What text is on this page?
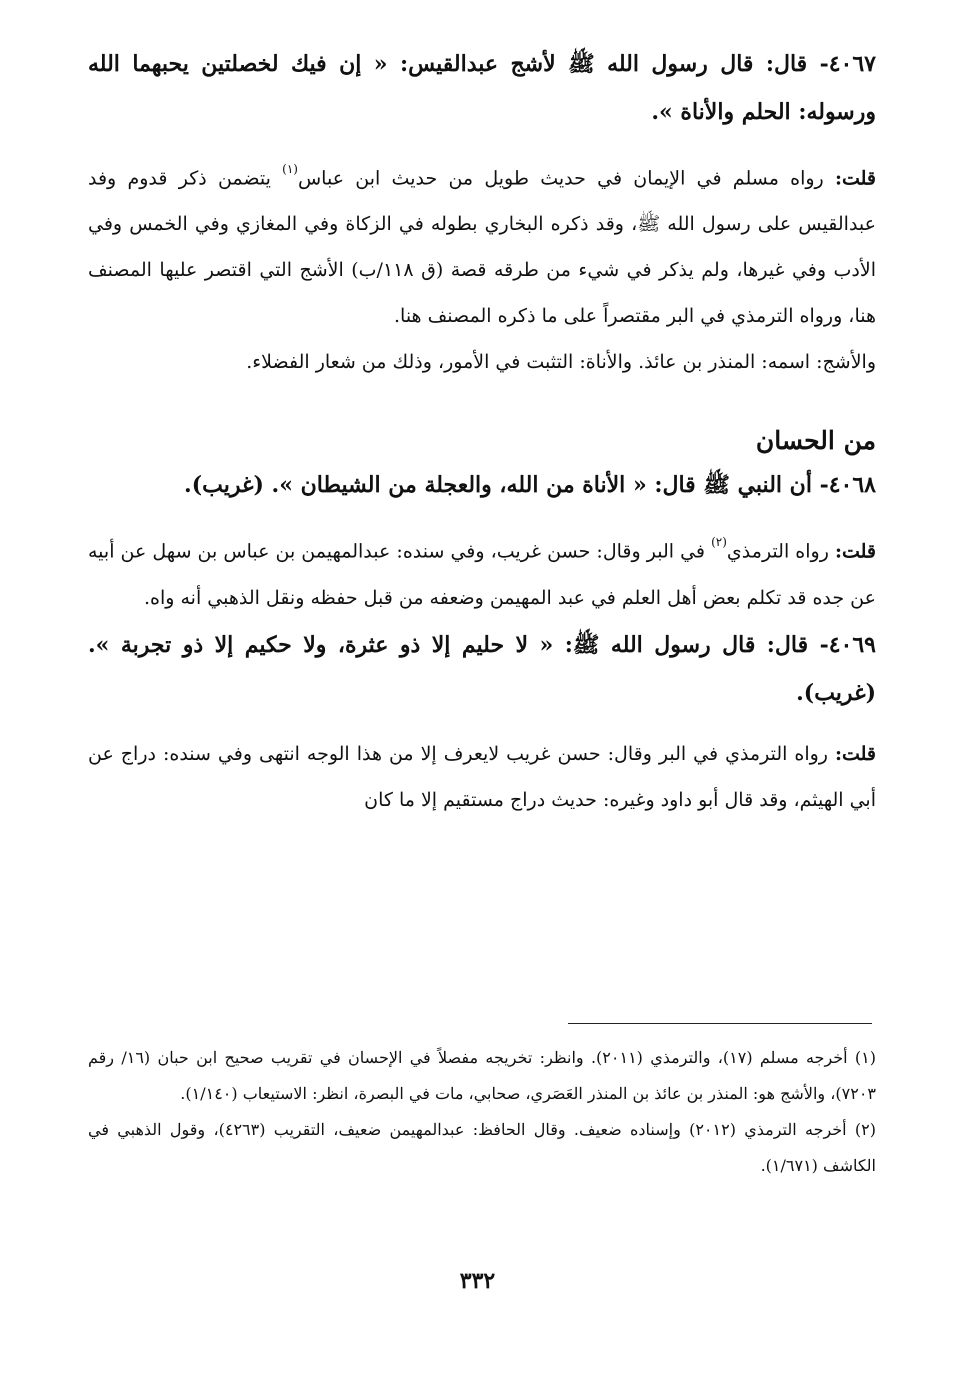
٤٠٦٧- قال: قال رسول الله ﷺ لأشج عبدالقيس: « إن فيك لخصلتين يحبهما الله ورسوله: الحلم والأناة ».

قلت: رواه مسلم في الإيمان في حديث طويل من حديث ابن عباس$^{(١)}$ يتضمن ذكر قدوم وفد عبدالقيس على رسول الله ﷺ، وقد ذكره البخاري بطوله في الزكاة وفي المغازي وفي الخمس وفي الأدب وفي غيرها، ولم يذكر في شيء من طرقه قصة (ق ١١٨/ب) الأشج التي اقتصر عليها المصنف هنا، ورواه الترمذي في البر مقتصراً على ما ذكره المصنف هنا.

والأشج: اسمه: المنذر بن عائذ. والأناة: التثبت في الأمور، وذلك من شعار الفضلاء.

من الحسان

٤٠٦٨- أن النبي ﷺ قال: « الأناة من الله، والعجلة من الشيطان ». (غريب).

قلت: رواه الترمذي$^{(٢)}$ في البر وقال: حسن غريب، وفي سنده: عبدالمهيمن بن عباس بن سهل عن أبيه عن جده قد تكلم بعض أهل العلم في عبد المهيمن وضعفه من قبل حفظه ونقل الذهبي أنه واه.

٤٠٦٩- قال: قال رسول الله ﷺ: « لا حليم إلا ذو عثرة، ولا حكيم إلا ذو تجربة ». (غريب).

قلت: رواه الترمذي في البر وقال: حسن غريب لايعرف إلا من هذا الوجه انتهى وفي سنده: دراج عن أبي الهيثم، وقد قال أبو داود وغيره: حديث دراج مستقيم إلا ما كان

(١) أخرجه مسلم (١٧)، والترمذي (٢٠١١). وانظر: تخريجه مفصلاً في الإحسان في تقريب صحيح ابن حبان (١٦/ رقم ٧٢٠٣)، والأشج هو: المنذر بن عائذ بن المنذر العَصَري، صحابي، مات في البصرة، انظر: الاستيعاب (١/١٤٠).

(٢) أخرجه الترمذي (٢٠١٢) وإسناده ضعيف. وقال الحافظ: عبدالمهيمن ضعيف، التقريب (٤٢٦٣)، وقول الذهبي في الكاشف (١/٦٧١).

٣٣٢
